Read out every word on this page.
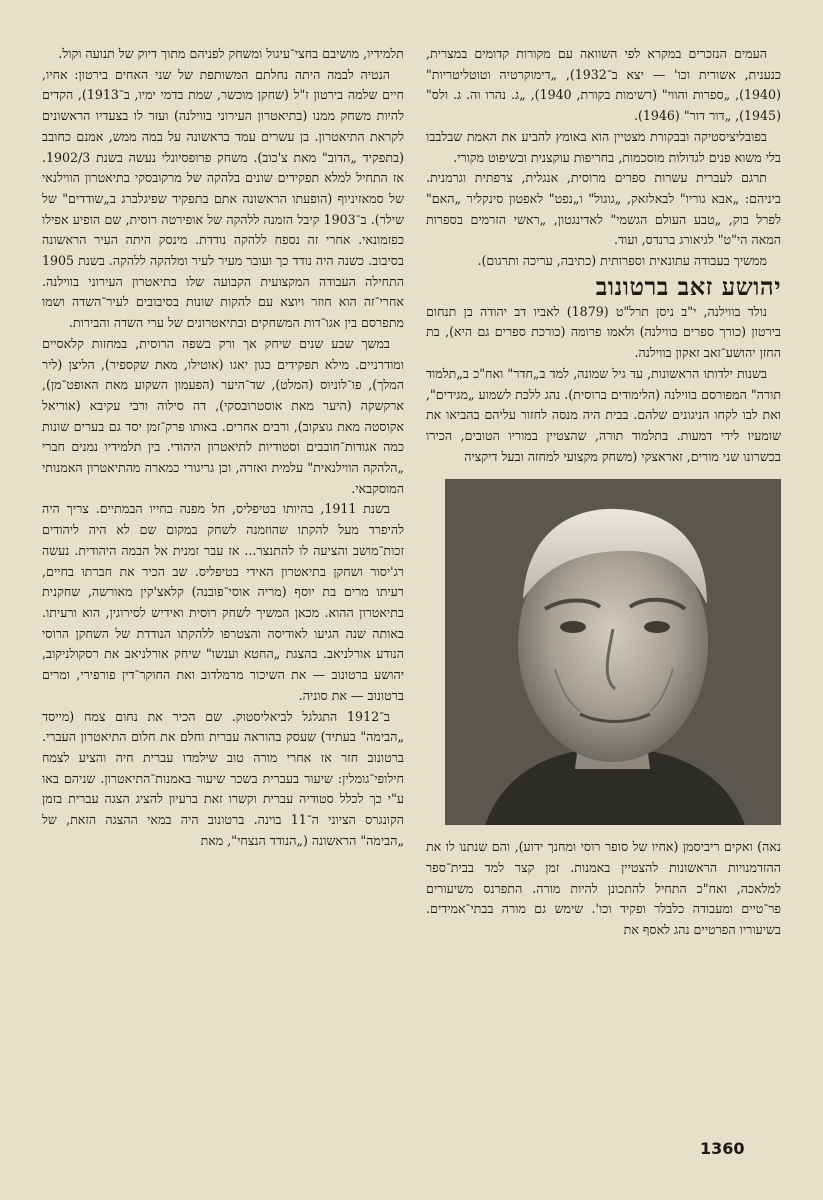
העמים הנזכרים במקרא לפי השוואה עם מקורות קדומים במצרית, כנענית, אשורית וכו' — יצא ב־1932), „דימוקרטיה וטוטליטריות" (1940), „ספרות והווי" (רשימות בקורת, 1940), „ג. נהרו וה. ג. ולס" (1945), „דור דור" (1946).

בפובליציסטיקה ובבקורת מצטיין הוא באומץ להביע את האמת שבלבבו בלי משוא פנים לגדולות מוסכמות, בחריפות עוקצנית ובשיפוט מקורי.

תרגם לעברית עשרות ספרים מרוסית, אנגלית, צרפתית וגרמנית. ביניהם: „אבא גוריו" לבאלזאק, „גוגול" ו„נפט" לאפטון סינקליר „האם" לפרל בוק, „טבע העולם הגשמי" לאדינגטון, „ראשי הזרמים בספרות המאה הי"ט" לגיאורג ברנדס, ועוד.

ממשיך בעבודה עתונאית וספרותית (כתיבה, עריכה ותרגום).

יהושע זאב ברטונוב

נולד בווילנה, י"ב ניסן תרל"ט (1879) לאביו דב יהודה בן תנחום בירטון (כורך ספרים בווילנה) ולאמו פרומה (כורכת ספרים גם היא), בת החזן יהושע־זאב זאקון בווילנה.

בשנות ילדותו הראשונות, עד גיל שמונה, למד ב„חדר" ואח"כ ב„תלמוד תורה" המפורסם בווילנה (הלימודים ברוסית). נהג ללכת לשמוע „מגידים", ואת לבו לקחו הניגונים שלהם. בבית היה מנסה לחזור עליהם בהביאו את שומעיו לידי דמעות. בתלמוד תורה, שהצטיין במוריו הטובים, הכירו בכשרונו שני מורים, זאראצקי (משחק מקצועי למחזה ובעל דיקציה

נאה) ואקים ריביסמן (אחיו של סופר רוסי ומחנך ידוע), והם שנתנו לו את ההזדמנויות הראשונות להצטיין באמנות. זמן קצר למד בבית־ספר למלאכה, ואח"כ התחיל להתכונן להיות מורה. התפרנס משיעורים פר־טיים ומעבודה כלבלר ופקיד וכו'. שימש גם מורה בבתי־אמידים. בשיעוריו הפרטיים נהג לאסף את

תלמידיו, מושיבם בחצי־עיגול ומשחק לפניהם מתוך דיוק של תנועה וקול.

הנטיה לבמה היתה נחלתם המשותפת של שני האחים בירטון: אחיו, חיים שלמה בירטון ז"ל (שחקן מוכשר, שמת בדמי ימיו, ב־1913), הקדים להיות משחק ממנו (בתיאטרון העירוני בווילנה) ועזר לו בצעדיו הראשונים לקראת התיאטרון. בן עשרים עמד בראשונה על במה ממש, אמנם כחובב (בתפקיד „הדוב" מאת צ'כוב). משחק פרופסיונלי נעשה בשנת 1902/3. אז התחיל למלא תפקידים שונים בלהקה של מרקובסקי בתיאטרון הווילנאי של סמאזיניוף (הופעתו הראשונה אתם בתפקיד שפיגלברג ב„שודדים" של שילר). ב־1903 קיבל הזמנה ללהקה של אופירטה רוסית, שם הופיע אפילו כפזמונאי. אחרי זה נספח ללהקה נודדת. מינסק היתה העיר הראשונה בסיבוב. כשנה היה נודד כך ועובר מעיר לעיר ומלהקה ללהקה. בשנת 1905 התחילה העבודה המקצועית הקבועה שלו בתיאטרון העירוני בווילנה. אחרי־זה הוא חוזר ויוצא עם להקות שונות בסיבובים לעיר־השדה ושמו מתפרסם בין אגו־דות המשחקים ובתיאטרונים של ערי השדה והבירות.

במשך שבע שנים שיחק אך ורק בשפה הרוסית, במחזות קלאסיים ומודרניים. מילא תפקידים כגון יאגו (אוטילו, מאת שקספיר), הליצן (ליר המלך), פו־לוניוס (המלט), שד־היער (הפעמון השקוע מאת האופט־מן), ארקשקה (היער מאת אוסטרובסקי), דה סילוה ורבי עקיבא (אוריאל אקוסטה מאת גוצקוב), ורבים אחרים. באותו פרק־זמן יסד גם בערים שונות כמה אגודות־חובבים וסטודיות לתיאטרון היהודי. בין תלמידיו נמנים חברי „הלהקה הווילנאית" עלמית ואזרה, וכן גריגורי כמארה מהתיאטרון האמנותי המוסקבאי.

בשנת 1911, בהיותו בטיפליס, חל מפנה בחייו הבמתיים. צריך היה להיפרד מעל להקתו שהוזמנה לשחק במקום שם לא היה ליהודים זכות־מושב והציעה לו להתנצר... אז עבר זמנית אל הבמה היהודית. נעשה רג'יסור ושחקן בתיאטרון האידי בטיפליס. שב הכיר את חברתו בחיים, רעיתו מרים בת יוסף (מריה אוסי־פובנה) קלאצ'קין מאורשה, שחקנית בתיאטרון ההוא. מכאן המשיך לשחק רוסית ואידיש לסירוגין, הוא ורעיתו. באותה שנה הגיעו לאודיסה והצטרפו ללהקתו הנודדת של השחקן הרוסי הנודע אורלניאב. בהצגת „החטא וענשו" שיחק אורלניאב את רסקולניקוב, יהושע ברטונוב — את השיכור מרמלדוב ואת החוקר־דין פורפירי, ומרים ברטונוב — את סוניה.

ב־1912 התגלגל לביאליסטוק. שם הכיר את נחום צמח (מייסד „הבימה" בעתיד) שעסק בהוראה עברית וחלם את חלום התיאטרון העברי. ברטונוב חזר אז אחרי מורה טוב שילמדו עברית חיה והציע לצמח חילופי־גומלין: שיעור בעברית בשכר שיעור באמנות־התיאטרון. שניהם באו ע"י כך לכלל סטודיה עברית וקשרו זאת ברעיון להציג הצגה עברית בזמן הקונגרס הציוני ה־11 בוינה. ברטונוב היה במאי ההצגה הזאת, של „הבימה" הראשונה („הנודד הנצחי", מאת

1360
